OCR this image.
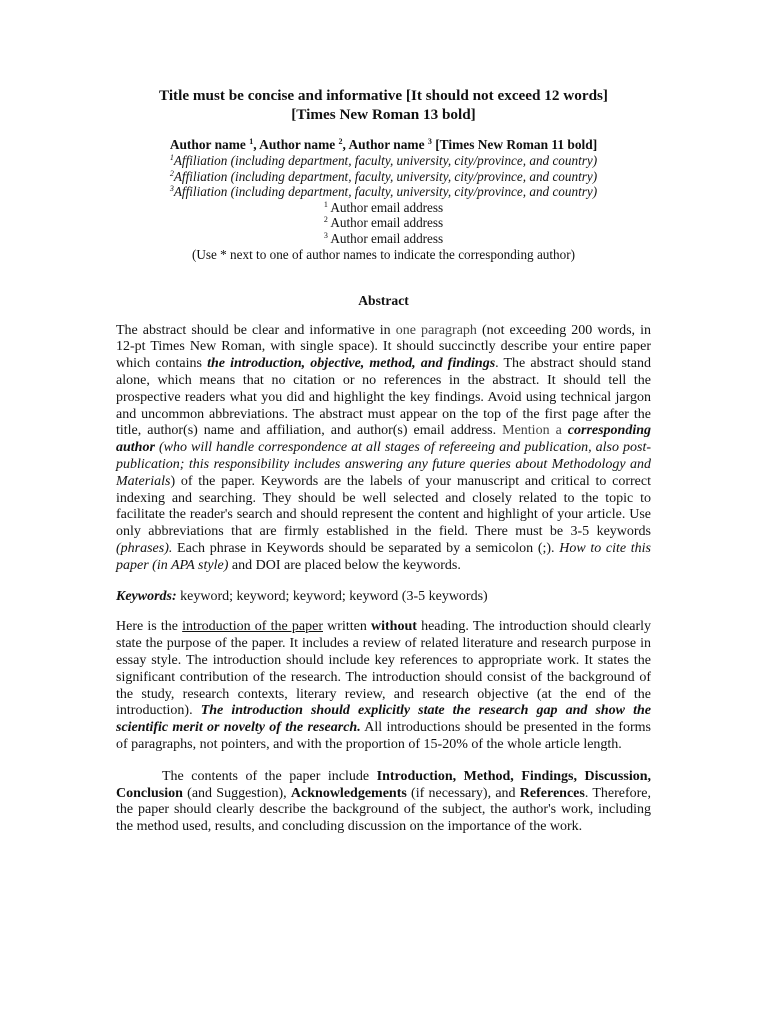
Title must be concise and informative [It should not exceed 12 words]
[Times New Roman 13 bold]

Author name $^1$, Author name $^2$, Author name $^3$ [Times New Roman 11 bold]
$^1$Affiliation (including department, faculty, university, city/province, and country)
$^2$Affiliation (including department, faculty, university, city/province, and country)
$^3$Affiliation (including department, faculty, university, city/province, and country)
$^1$ Author email address
$^2$ Author email address
$^3$ Author email address
(Use * next to one of author names to indicate the corresponding author)
Abstract

The abstract should be clear and informative in one paragraph (not exceeding 200 words, in 12-pt Times New Roman, with single space). It should succinctly describe your entire paper which contains the introduction, objective, method, and findings. The abstract should stand alone, which means that no citation or no references in the abstract. It should tell the prospective readers what you did and highlight the key findings. Avoid using technical jargon and uncommon abbreviations. The abstract must appear on the top of the first page after the title, author(s) name and affiliation, and author(s) email address. Mention a corresponding author (who will handle correspondence at all stages of refereeing and publication, also post-publication; this responsibility includes answering any future queries about Methodology and Materials) of the paper. Keywords are the labels of your manuscript and critical to correct indexing and searching. They should be well selected and closely related to the topic to facilitate the reader's search and should represent the content and highlight of your article. Use only abbreviations that are firmly established in the field. There must be 3-5 keywords (phrases). Each phrase in Keywords should be separated by a semicolon (;). How to cite this paper (in APA style) and DOI are placed below the keywords.

Keywords: keyword; keyword; keyword; keyword (3-5 keywords)

Here is the introduction of the paper written without heading. The introduction should clearly state the purpose of the paper. It includes a review of related literature and research purpose in essay style. The introduction should include key references to appropriate work. It states the significant contribution of the research. The introduction should consist of the background of the study, research contexts, literary review, and research objective (at the end of the introduction). The introduction should explicitly state the research gap and show the scientific merit or novelty of the research. All introductions should be presented in the forms of paragraphs, not pointers, and with the proportion of 15-20% of the whole article length.

The contents of the paper include Introduction, Method, Findings, Discussion, Conclusion (and Suggestion), Acknowledgements (if necessary), and References. Therefore, the paper should clearly describe the background of the subject, the author's work, including the method used, results, and concluding discussion on the importance of the work.
